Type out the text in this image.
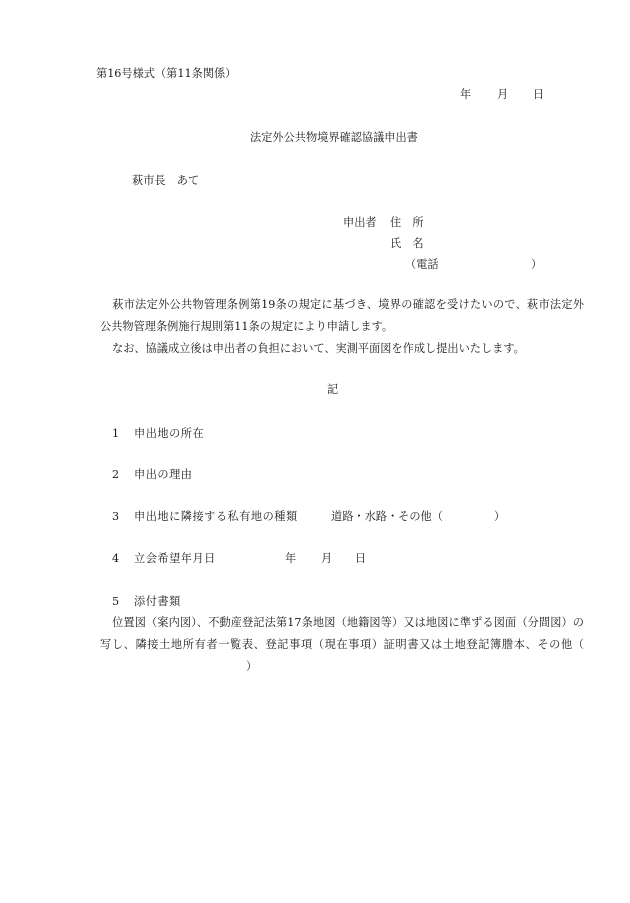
第16号様式（第11条関係）
年 月 日
法定外公共物境界確認協議申出書
萩市長　あて
申出者 住　所
氏　名
（電話	）
萩市法定外公共物管理条例第19条の規定に基づき、境界の確認を受けたいので、萩市法定外公共物管理条例施行規則第11条の規定により申請します。
なお、協議成立後は申出者の負担において、実測平面図を作成し提出いたします。
記
1 申出地の所在
2 申出の理由
3 申出地に隣接する私有地の種類	道路・水路・その他（	）
4 立会希望年月日	年 月 日
5 添付書類
位置図（案内図）、不動産登記法第17条地図（地籍図等）又は地図に準ずる図面（分間図）の写し、隣接土地所有者一覧表、登記事項（現在事項）証明書又は土地登記簿謄本、その他（）
